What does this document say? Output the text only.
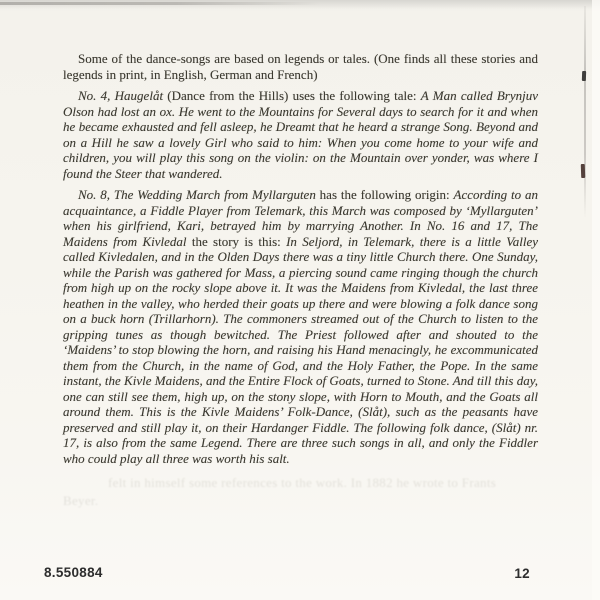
Some of the dance-songs are based on legends or tales. (One finds all these stories and legends in print, in English, German and French)

No. 4, Haugelåt (Dance from the Hills) uses the following tale: A Man called Brynjuv Olson had lost an ox. He went to the Mountains for Several days to search for it and when he became exhausted and fell asleep, he Dreamt that he heard a strange Song. Beyond and on a Hill he saw a lovely Girl who said to him: When you come home to your wife and children, you will play this song on the violin: on the Mountain over yonder, was where I found the Steer that wandered.

No. 8, The Wedding March from Myllarguten has the following origin: According to an acquaintance, a Fiddle Player from Telemark, this March was composed by ‘Myllarguten’ when his girlfriend, Kari, betrayed him by marrying Another. In No. 16 and 17, The Maidens from Kivledal the story is this: In Seljord, in Telemark, there is a little Valley called Kivledalen, and in the Olden Days there was a tiny little Church there. One Sunday, while the Parish was gathered for Mass, a piercing sound came ringing though the church from high up on the rocky slope above it. It was the Maidens from Kivledal, the last three heathen in the valley, who herded their goats up there and were blowing a folk dance song on a buck horn (Trillarhorn). The commoners streamed out of the Church to listen to the gripping tunes as though bewitched. The Priest followed after and shouted to the ‘Maidens’ to stop blowing the horn, and raising his Hand menacingly, he excommunicated them from the Church, in the name of God, and the Holy Father, the Pope. In the same instant, the Kivle Maidens, and the Entire Flock of Goats, turned to Stone. And till this day, one can still see them, high up, on the stony slope, with Horn to Mouth, and the Goats all around them. This is the Kivle Maidens’ Folk-Dance, (Slåt), such as the peasants have preserved and still play it, on their Hardanger Fiddle. The following folk dance, (Slåt) nr. 17, is also from the same Legend. There are three such songs in all, and only the Fiddler who could play all three was worth his salt.

felt in himself some references to the work. In 1882 he wrote to Frants
Beyer.
8.550884	12
